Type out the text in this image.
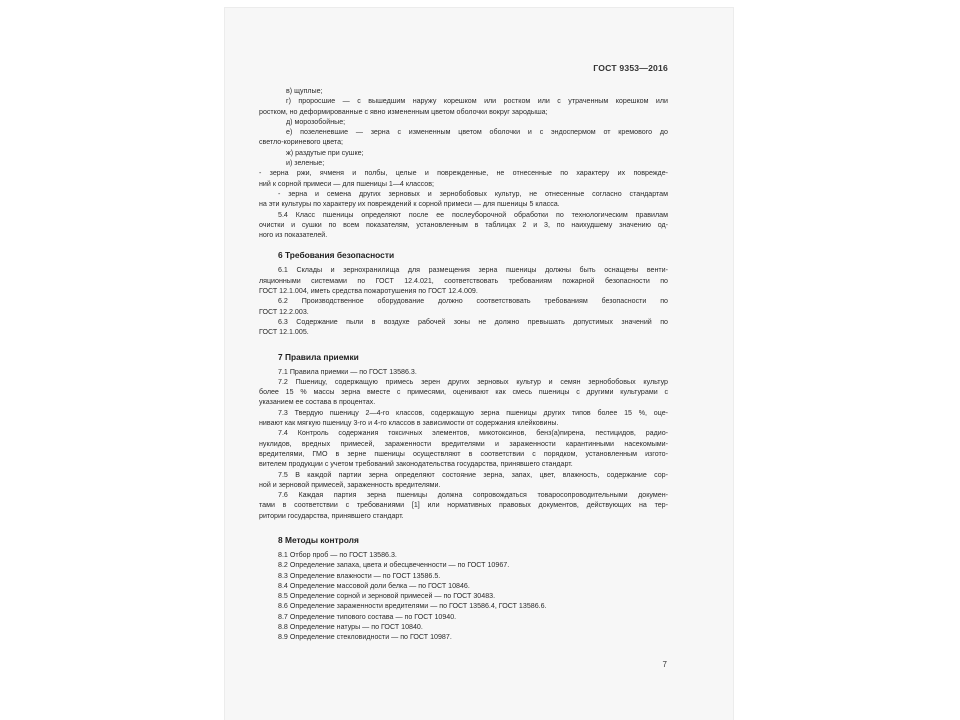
ГОСТ 9353—2016
в) щуплые;
г) проросшие — с вышедшим наружу корешком или ростком или с утраченным корешком или
ростком, но деформированные с явно измененным цветом оболочки вокруг зародыша;
д) морозобойные;
е) позеленевшие — зерна с измененным цветом оболочки и с эндоспермом от кремового до
светло-кориневого цвета;
ж) раздутые при сушке;
и) зеленые;
- зерна ржи, ячменя и полбы, целые и поврежденные, не отнесенные по характеру их поврежде-
ний к сорной примеси — для пшеницы 1—4 классов;
- зерна и семена других зерновых и зернобобовых культур, не отнесенные согласно стандартам
на эти культуры по характеру их повреждений к сорной примеси — для пшеницы 5 класса.
5.4 Класс пшеницы определяют после ее послеуборочной обработки по технологическим правилам
очистки и сушки по всем показателям, установленным в таблицах 2 и 3, по наихудшему значению од-
ного из показателей.
6 Требования безопасности
6.1 Склады и зернохранилища для размещения зерна пшеницы должны быть оснащены венти-
ляционными системами по ГОСТ 12.4.021, соответствовать требованиям пожарной безопасности по
ГОСТ 12.1.004, иметь средства пожаротушения по ГОСТ 12.4.009.
6.2 Производственное оборудование должно соответствовать требованиям безопасности по
ГОСТ 12.2.003.
6.3 Содержание пыли в воздухе рабочей зоны не должно превышать допустимых значений по
ГОСТ 12.1.005.
7 Правила приемки
7.1 Правила приемки — по ГОСТ 13586.3.
7.2 Пшеницу, содержащую примесь зерен других зерновых культур и семян зернобобовых культур
более 15 % массы зерна вместе с примесями, оценивают как смесь пшеницы с другими культурами с
указанием ее состава в процентах.
7.3 Твердую пшеницу 2—4-го классов, содержащую зерна пшеницы других типов более 15 %, оце-
нивают как мягкую пшеницу 3-го и 4-го классов в зависимости от содержания клейковины.
7.4 Контроль содержания токсичных элементов, микотоксинов, бенз(а)пирена, пестицидов, радио-
нуклидов, вредных примесей, зараженности вредителями и зараженности карантинными насекомыми-
вредителями, ГМО в зерне пшеницы осуществляют в соответствии с порядком, установленным изгото-
вителем продукции с учетом требований законодательства государства, принявшего стандарт.
7.5 В каждой партии зерна определяют состояние зерна, запах, цвет, влажность, содержание сор-
ной и зерновой примесей, зараженность вредителями.
7.6 Каждая партия зерна пшеницы должна сопровождаться товаросопроводительными докумен-
тами в соответствии с требованиями [1] или нормативных правовых документов, действующих на тер-
ритории государства, принявшего стандарт.
8 Методы контроля
8.1 Отбор проб — по ГОСТ 13586.3.
8.2 Определение запаха, цвета и обесцвеченности — по ГОСТ 10967.
8.3 Определение влажности — по ГОСТ 13586.5.
8.4 Определение массовой доли белка — по ГОСТ 10846.
8.5 Определение сорной и зерновой примесей — по ГОСТ 30483.
8.6 Определение зараженности вредителями — по ГОСТ 13586.4, ГОСТ 13586.6.
8.7 Определение типового состава — по ГОСТ 10940.
8.8 Определение натуры — по ГОСТ 10840.
8.9 Определение стекловидности — по ГОСТ 10987.
7
